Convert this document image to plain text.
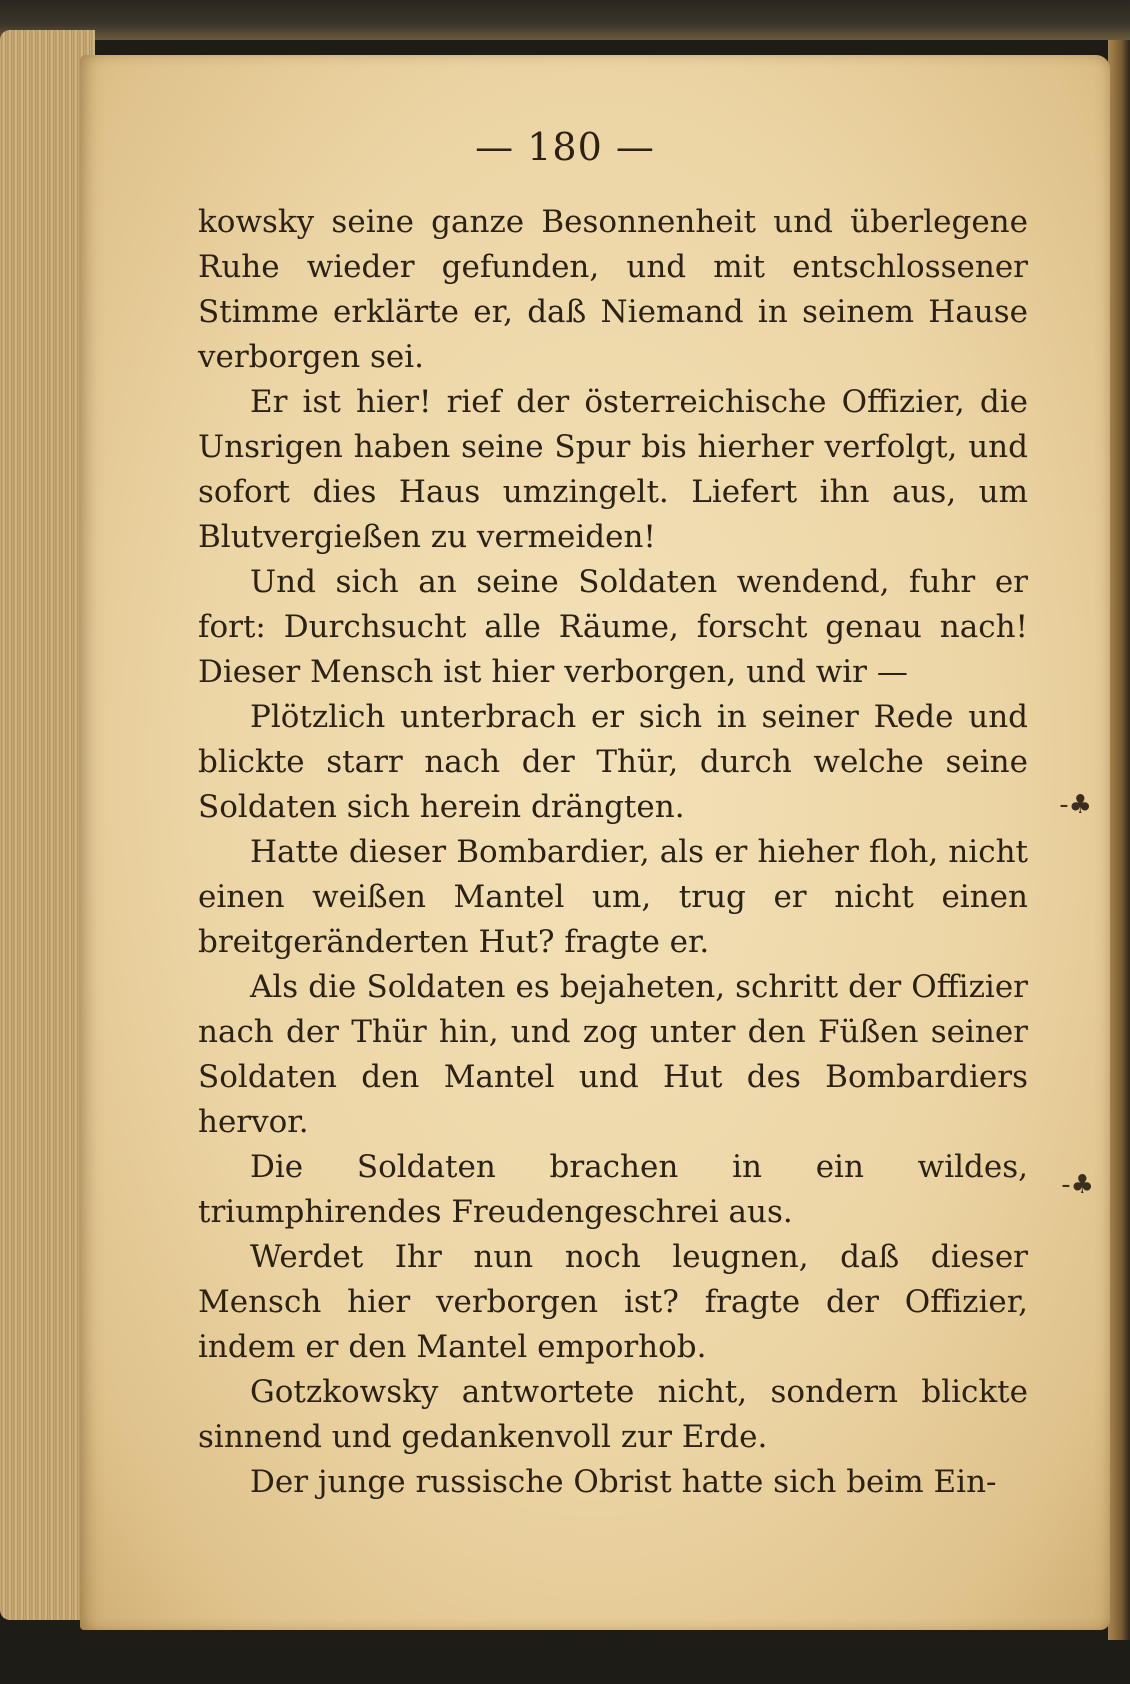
— 180 —

kowsky seine ganze Besonnenheit und überlegene Ruhe wieder gefunden, und mit entschlossener Stimme erklärte er, daß Niemand in seinem Hause verborgen sei.

Er ist hier! rief der österreichische Offizier, die Unsrigen haben seine Spur bis hierher verfolgt, und sofort dies Haus umzingelt. Liefert ihn aus, um Blutvergießen zu vermeiden!

Und sich an seine Soldaten wendend, fuhr er fort: Durchsucht alle Räume, forscht genau nach! Dieser Mensch ist hier verborgen, und wir —

Plötzlich unterbrach er sich in seiner Rede und blickte starr nach der Thür, durch welche seine Soldaten sich herein drängten.

Hatte dieser Bombardier, als er hieher floh, nicht einen weißen Mantel um, trug er nicht einen breitgeränderten Hut? fragte er.

Als die Soldaten es bejaheten, schritt der Offizier nach der Thür hin, und zog unter den Füßen seiner Soldaten den Mantel und Hut des Bombardiers hervor.

Die Soldaten brachen in ein wildes, triumphirendes Freudengeschrei aus.

Werdet Ihr nun noch leugnen, daß dieser Mensch hier verborgen ist? fragte der Offizier, indem er den Mantel emporhob.

Gotzkowsky antwortete nicht, sondern blickte sinnend und gedankenvoll zur Erde.

Der junge russische Obrist hatte sich beim Ein-

-♣
-♣
